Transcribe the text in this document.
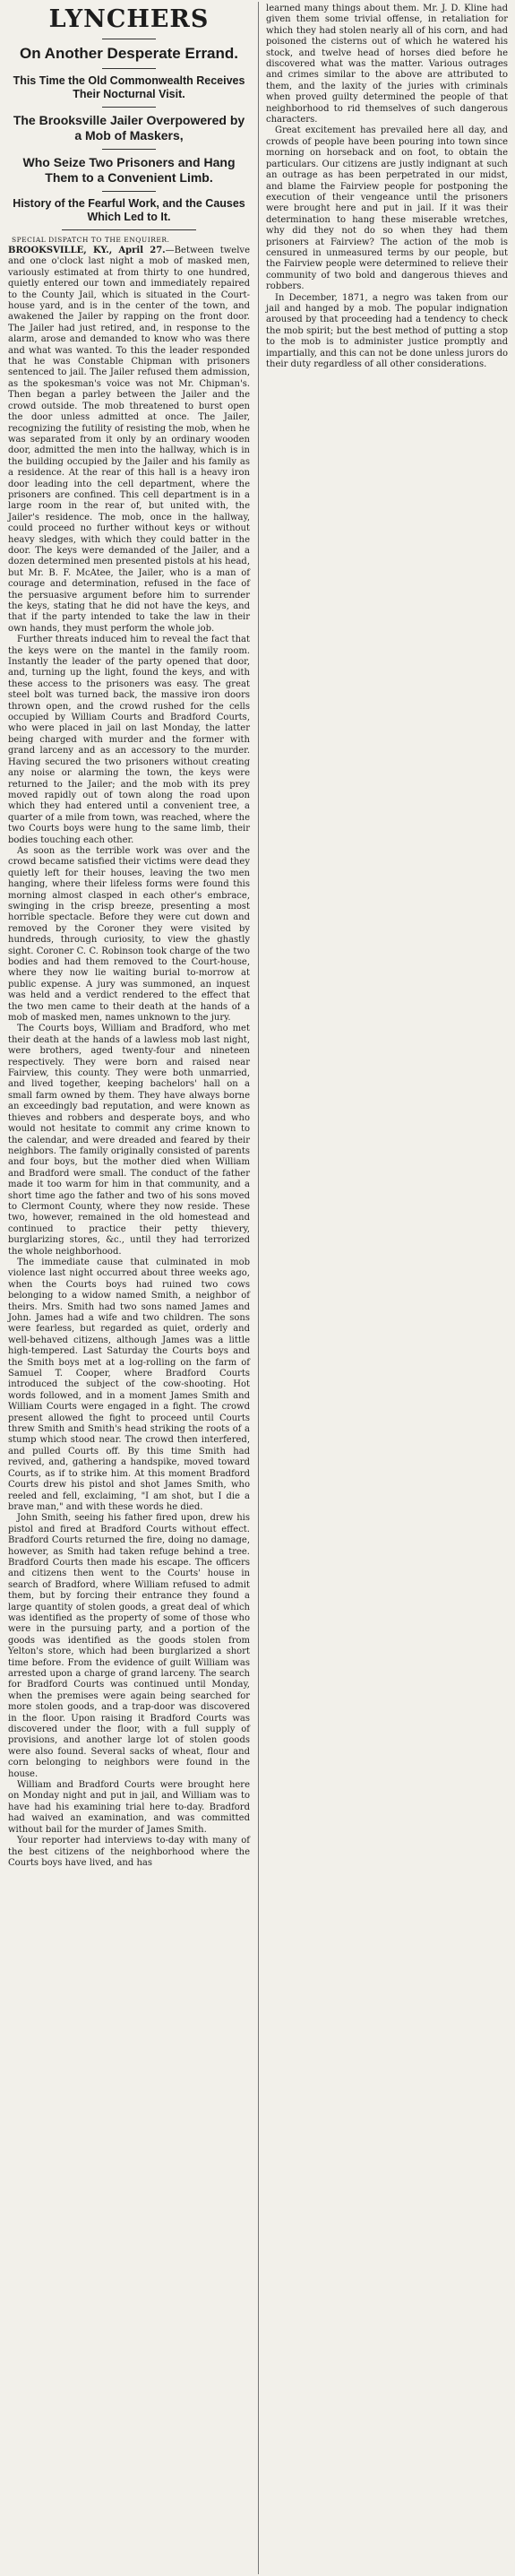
LYNCHERS
On Another Desperate Errand.
This Time the Old Commonwealth Receives Their Nocturnal Visit.
The Brooksville Jailer Overpowered by a Mob of Maskers,
Who Seize Two Prisoners and Hang Them to a Convenient Limb.
History of the Fearful Work, and the Causes Which Led to It.
SPECIAL DISPATCH TO THE ENQUIRER.

BROOKSVILLE, KY., April 27.—Between twelve and one o'clock last night a mob of masked men, variously estimated at from thirty to one hundred, quietly entered our town and immediately repaired to the County Jail, which is situated in the Court-house yard, and is in the center of the town, and awakened the Jailer by rapping on the front door. The Jailer had just retired, and, in response to the alarm, arose and demanded to know who was there and what was wanted. To this the leader responded that he was Constable Chipman with prisoners sentenced to jail. The Jailer refused them admission, as the spokesman's voice was not Mr. Chipman's. Then began a parley between the Jailer and the crowd outside. The mob threatened to burst open the door unless admitted at once. The Jailer, recognizing the futility of resisting the mob, when he was separated from it only by an ordinary wooden door, admitted the men into the hallway, which is in the building occupied by the Jailer and his family as a residence. At the rear of this hall is a heavy iron door leading into the cell department, where the prisoners are confined. This cell department is in a large room in the rear of, but united with, the Jailer's residence. The mob, once in the hallway, could proceed no further without keys or without heavy sledges, with which they could batter in the door. The keys were demanded of the Jailer, and a dozen determined men presented pistols at his head, but Mr. B. F. McAtee, the Jailer, who is a man of courage and determination, refused in the face of the persuasive argument before him to surrender the keys, stating that he did not have the keys, and that if the party intended to take the law in their own hands, they must perform the whole job.

Further threats induced him to reveal the fact that the keys were on the mantel in the family room. Instantly the leader of the party opened that door, and, turning up the light, found the keys, and with these access to the prisoners was easy. The great steel bolt was turned back, the massive iron doors thrown open, and the crowd rushed for the cells occupied by William Courts and Bradford Courts, who were placed in jail on last Monday, the latter being charged with murder and the former with grand larceny and as an accessory to the murder. Having secured the two prisoners without creating any noise or alarming the town, the keys were returned to the Jailer; and the mob with its prey moved rapidly out of town along the road upon which they had entered until a convenient tree, a quarter of a mile from town, was reached, where the two Courts boys were hung to the same limb, their bodies touching each other.

As soon as the terrible work was over and the crowd became satisfied their victims were dead they quietly left for their houses, leaving the two men hanging, where their lifeless forms were found this morning almost clasped in each other's embrace, swinging in the crisp breeze, presenting a most horrible spectacle. Before they were cut down and removed by the Coroner they were visited by hundreds, through curiosity, to view the ghastly sight. Coroner C. C. Robinson took charge of the two bodies and had them removed to the Court-house, where they now lie waiting burial to-morrow at public expense. A jury was summoned, an inquest was held and a verdict rendered to the effect that the two men came to their death at the hands of a mob of masked men, names unknown to the jury.

The Courts boys, William and Bradford, who met their death at the hands of a lawless mob last night, were brothers, aged twenty-four and nineteen respectively. They were born and raised near Fairview, this county. They were both unmarried, and lived together, keeping bachelors' hall on a small farm owned by them. They have always borne an exceedingly bad reputation, and were known as thieves and robbers and desperate boys, and who would not hesitate to commit any crime known to the calendar, and were dreaded and feared by their neighbors. The family originally consisted of parents and four boys, but the mother died when William and Bradford were small. The conduct of the father made it too warm for him in that community, and a short time ago the father and two of his sons moved to Clermont County, where they now reside. These two, however, remained in the old homestead and continued to practice their petty thievery, burglarizing stores, &c., until they had terrorized the whole neighborhood.

The immediate cause that culminated in mob violence last night occurred about three weeks ago, when the Courts boys had ruined two cows belonging to a widow named Smith, a neighbor of theirs. Mrs. Smith had two sons named James and John. James had a wife and two children. The sons were fearless, but regarded as quiet, orderly and well-behaved citizens, although James was a little high-tempered. Last Saturday the Courts boys and the Smith boys met at a log-rolling on the farm of Samuel T. Cooper, where Bradford Courts introduced the subject of the cow-shooting. Hot words followed, and in a moment James Smith and William Courts were engaged in a fight. The crowd present allowed the fight to proceed until Courts threw Smith and Smith's head striking the roots of a stump which stood near. The crowd then interfered, and pulled Courts off. By this time Smith had revived, and, gathering a handspike, moved toward Courts, as if to strike him. At this moment Bradford Courts drew his pistol and shot James Smith, who reeled and fell, exclaiming, "I am shot, but I die a brave man," and with these words he died.

John Smith, seeing his father fired upon, drew his pistol and fired at Bradford Courts without effect. Bradford Courts returned the fire, doing no damage, however, as Smith had taken refuge behind a tree. Bradford Courts then made his escape. The officers and citizens then went to the Courts' house in search of Bradford, where William refused to admit them, but by forcing their entrance they found a large quantity of stolen goods, a great deal of which was identified as the property of some of those who were in the pursuing party, and a portion of the goods was identified as the goods stolen from Yelton's store, which had been burglarized a short time before. From the evidence of guilt William was arrested upon a charge of grand larceny. The search for Bradford Courts was continued until Monday, when the premises were again being searched for more stolen goods, and a trap-door was discovered in the floor. Upon raising it Bradford Courts was discovered under the floor, with a full supply of provisions, and another large lot of stolen goods were also found. Several sacks of wheat, flour and corn belonging to neighbors were found in the house.

William and Bradford Courts were brought here on Monday night and put in jail, and William was to have had his examining trial here to-day. Bradford had waived an examination, and was committed without bail for the murder of James Smith.

Your reporter had interviews to-day with many of the best citizens of the neighborhood where the Courts boys have lived, and has

learned many things about them. Mr. J. D. Kline had given them some trivial offense, in retaliation for which they had stolen nearly all of his corn, and had poisoned the cisterns out of which he watered his stock, and twelve head of horses died before he discovered what was the matter. Various outrages and crimes similar to the above are attributed to them, and the laxity of the juries with criminals when proved guilty determined the people of that neighborhood to rid themselves of such dangerous characters.

Great excitement has prevailed here all day, and crowds of people have been pouring into town since morning on horseback and on foot, to obtain the particulars. Our citizens are justly indignant at such an outrage as has been perpetrated in our midst, and blame the Fairview people for postponing the execution of their vengeance until the prisoners were brought here and put in jail. If it was their determination to hang these miserable wretches, why did they not do so when they had them prisoners at Fairview? The action of the mob is censured in unmeasured terms by our people, but the Fairview people were determined to relieve their community of two bold and dangerous thieves and robbers.

In December, 1871, a negro was taken from our jail and hanged by a mob. The popular indignation aroused by that proceeding had a tendency to check the mob spirit; but the best method of putting a stop to the mob is to administer justice promptly and impartially, and this can not be done unless jurors do their duty regardless of all other considerations.
